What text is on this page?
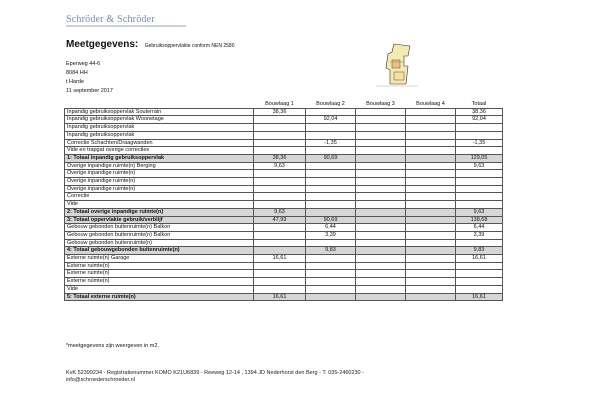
Schröder & Schröder
Meetgegevens: Gebruiksoppervlakte conform NEN 2580
Eperweg 44-6
8084 HH
t Harde
11 september 2017
	Bouwlaag 1	Bouwlaag 2	Bouwlaag 3	Bouwlaag 4	Totaal
Inpandig gebruiksoppervlak Souterrain	38,36				38,36
Inpandig gebruiksoppervlak Woonetage		92,04			92,04
Inpandig gebruiksoppervlak					
Inpandig gebruiksoppervlak					
Correctie Schachten/Draagwanden		-1,35			-1,35
Vide en trapgat overige correcties					
1: Totaal inpandig gebruiksoppervlak	38,36	90,69			129,05
Overige inpandige ruimte(n) Berging	9,63				9,63
Overige inpandige ruimte(n)					
Overige inpandige ruimte(n)					
Overige inpandige ruimte(n)					
Correctie					
Vide					
2: Totaal overige inpandige ruimte(n)	9,63				9,63
3: Totaal oppervlakte gebruik/verblijf	47,99	90,69			138,68
Gebouw gebonden buitenruimte(n) Balkon		6,44			6,44
Gebouw gebonden buitenruimte(n) Balkon		3,39			3,39
Gebouw gebonden buitenruimte(n)					
4: Totaal gebouwgebonden buitenruimte(n)		9,83			9,83
Externe ruimte(n) Garage	16,61				16,61
Externe ruimte(n)					
Externe ruimte(n)					
Externe ruimte(n)					
Vide					
5: Totaal externe ruimte(n)	16,61				16,61
*meetgegevens zijn weergeven in m2.
KvK 52399234 - Registratienummer KOMO K21U6839 - Reeweg 12-14 , 1394 JD Nederhorst den Berg - T. 035-2460230 -
info@schroederschroeder.nl
